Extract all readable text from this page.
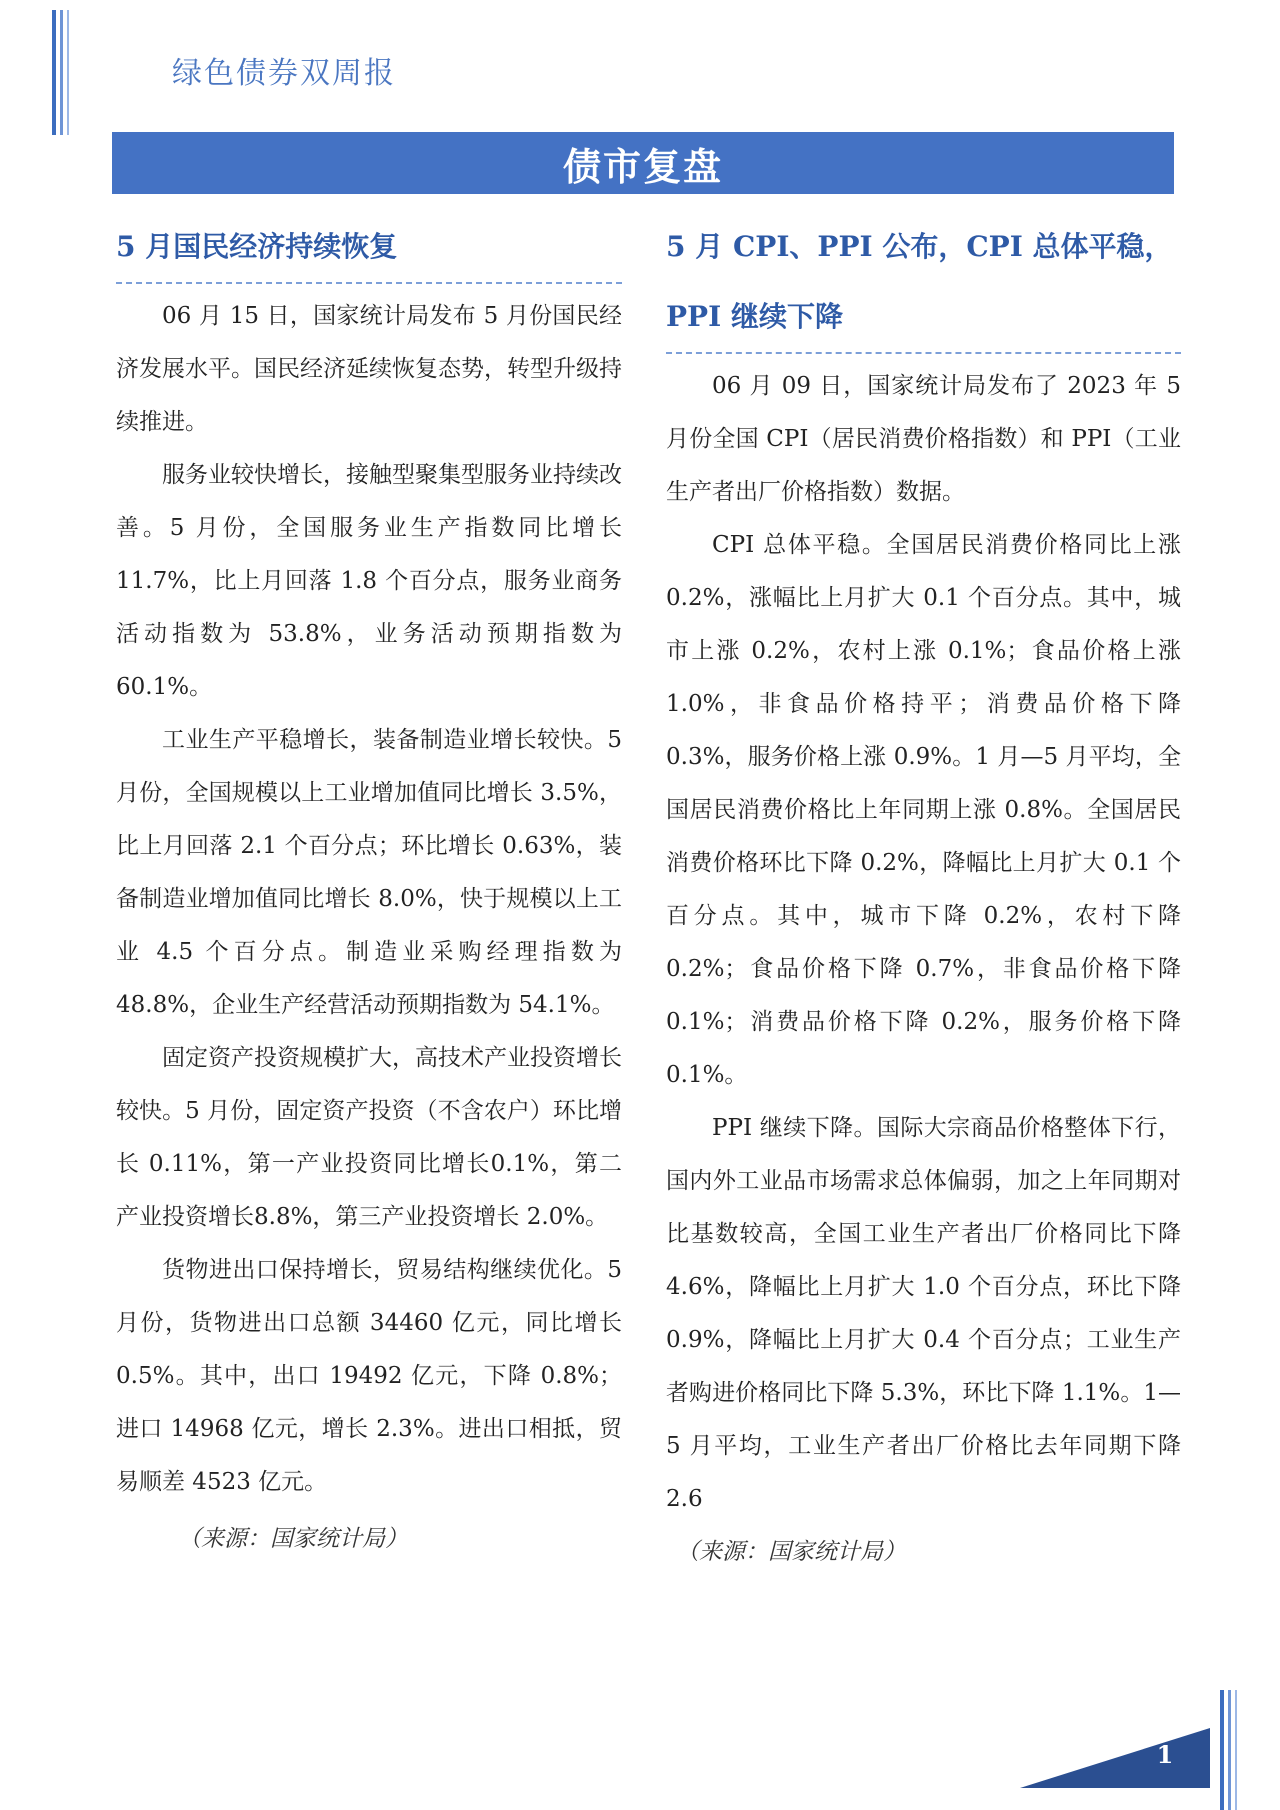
绿色债券双周报
债市复盘
5 月国民经济持续恢复

06 月 15 日，国家统计局发布 5 月份国民经济发展水平。国民经济延续恢复态势，转型升级持续推进。

服务业较快增长，接触型聚集型服务业持续改善。5 月份，全国服务业生产指数同比增长 11.7%，比上月回落 1.8 个百分点，服务业商务活动指数为 53.8%，业务活动预期指数为 60.1%。

工业生产平稳增长，装备制造业增长较快。5 月份，全国规模以上工业增加值同比增长 3.5%，比上月回落 2.1 个百分点；环比增长 0.63%，装备制造业增加值同比增长 8.0%，快于规模以上工业 4.5 个百分点。制造业采购经理指数为 48.8%，企业生产经营活动预期指数为 54.1%。

固定资产投资规模扩大，高技术产业投资增长较快。5 月份，固定资产投资（不含农户）环比增长 0.11%，第一产业投资同比增长0.1%，第二产业投资增长8.8%，第三产业投资增长 2.0%。

货物进出口保持增长，贸易结构继续优化。5 月份，货物进出口总额 34460 亿元，同比增长 0.5%。其中，出口 19492 亿元，下降 0.8%；进口 14968 亿元，增长 2.3%。进出口相抵，贸易顺差 4523 亿元。

（来源：国家统计局）

5 月 CPI、PPI 公布，CPI 总体平稳，PPI 继续下降

06 月 09 日，国家统计局发布了 2023 年 5 月份全国 CPI（居民消费价格指数）和 PPI（工业生产者出厂价格指数）数据。

CPI 总体平稳。全国居民消费价格同比上涨 0.2%，涨幅比上月扩大 0.1 个百分点。其中，城市上涨 0.2%，农村上涨 0.1%；食品价格上涨 1.0%，非食品价格持平；消费品价格下降 0.3%，服务价格上涨 0.9%。1 月—5 月平均，全国居民消费价格比上年同期上涨 0.8%。全国居民消费价格环比下降 0.2%，降幅比上月扩大 0.1 个百分点。其中，城市下降 0.2%，农村下降 0.2%；食品价格下降 0.7%，非食品价格下降 0.1%；消费品价格下降 0.2%，服务价格下降 0.1%。

PPI 继续下降。国际大宗商品价格整体下行，国内外工业品市场需求总体偏弱，加之上年同期对比基数较高，全国工业生产者出厂价格同比下降 4.6%，降幅比上月扩大 1.0 个百分点，环比下降 0.9%，降幅比上月扩大 0.4 个百分点；工业生产者购进价格同比下降 5.3%，环比下降 1.1%。1—5 月平均，工业生产者出厂价格比去年同期下降 2.6

（来源：国家统计局）

1
